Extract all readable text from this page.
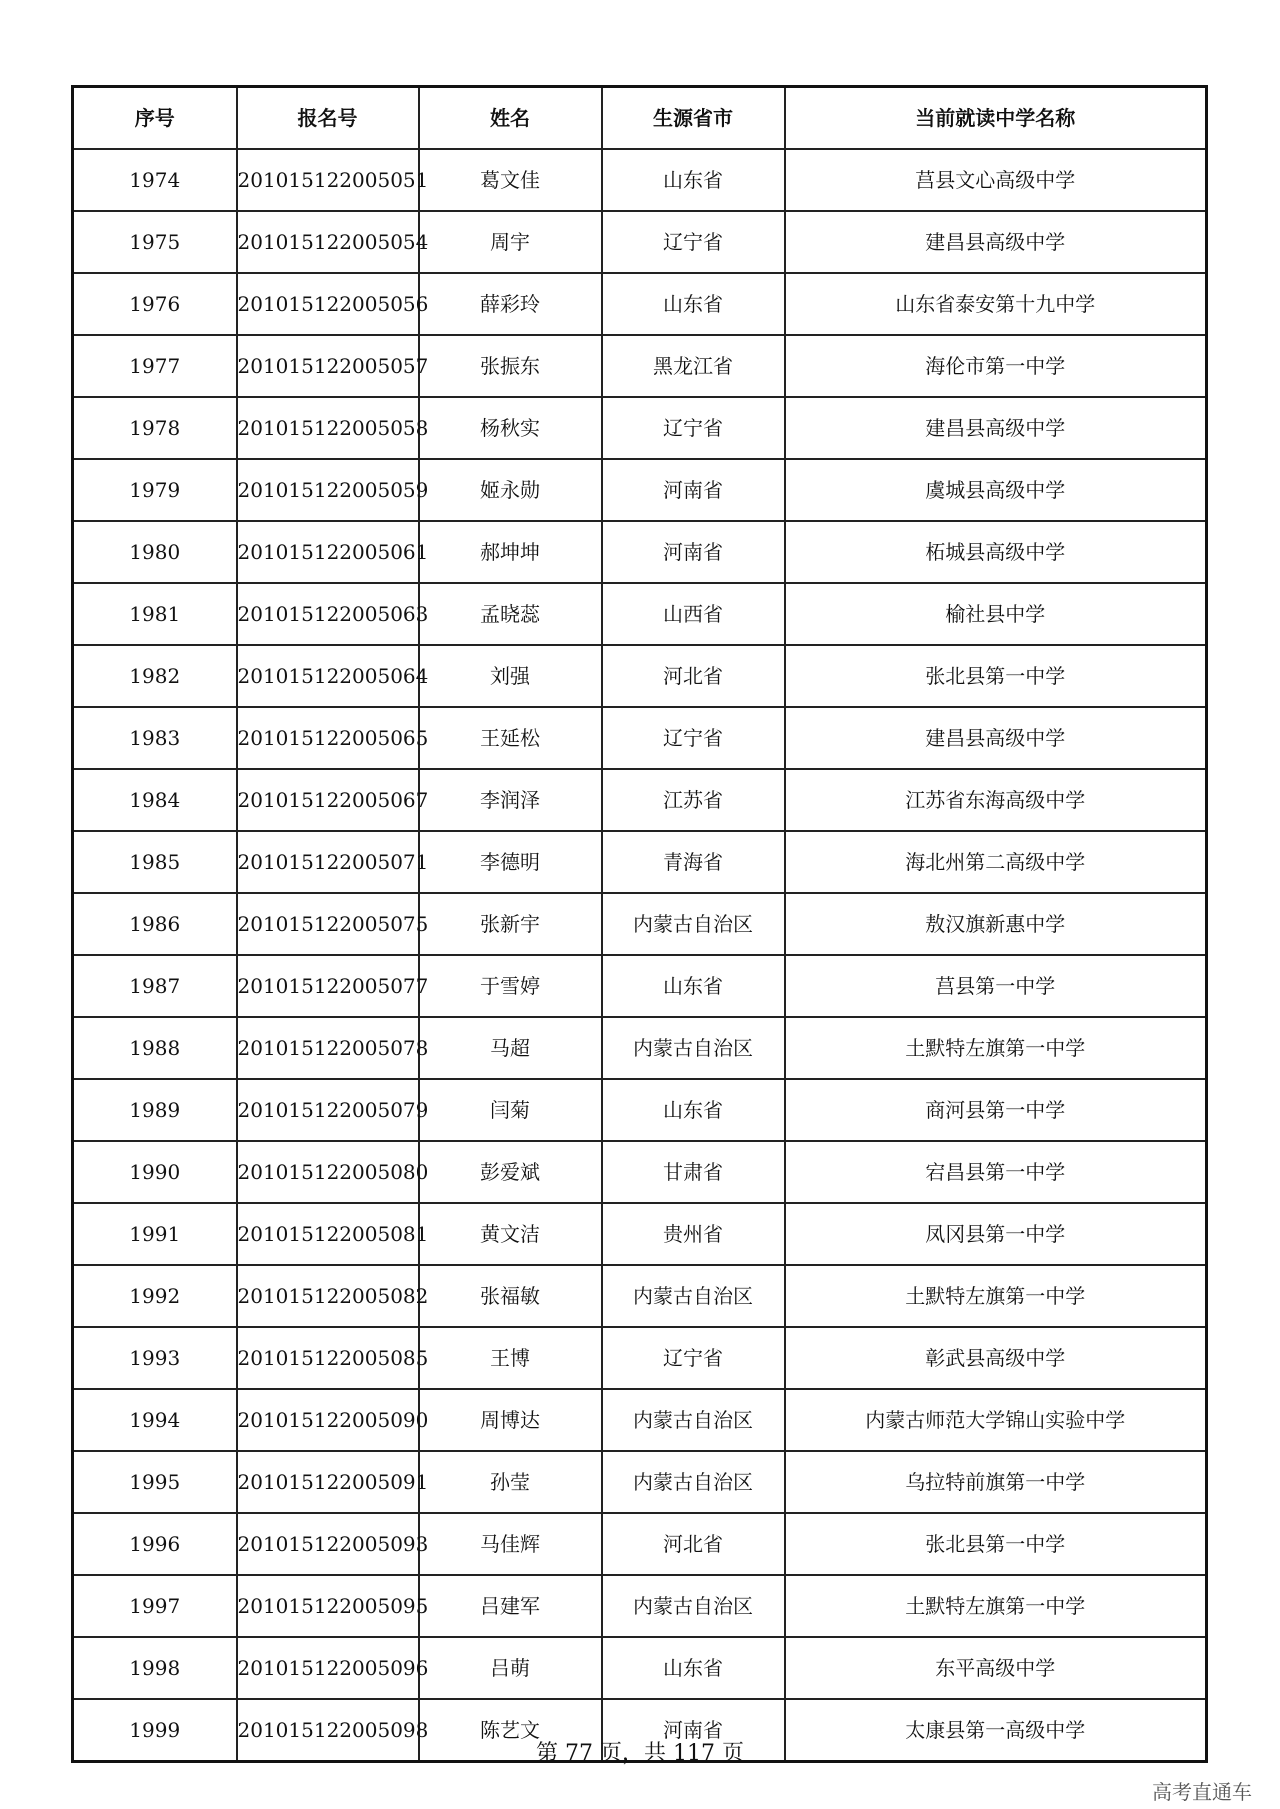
序号	报名号	姓名	生源省市	当前就读中学名称
1974	201015122005051	葛文佳	山东省	莒县文心高级中学
1975	201015122005054	周宇	辽宁省	建昌县高级中学
1976	201015122005056	薛彩玲	山东省	山东省泰安第十九中学
1977	201015122005057	张振东	黑龙江省	海伦市第一中学
1978	201015122005058	杨秋实	辽宁省	建昌县高级中学
1979	201015122005059	姬永勋	河南省	虞城县高级中学
1980	201015122005061	郝坤坤	河南省	柘城县高级中学
1981	201015122005063	孟晓蕊	山西省	榆社县中学
1982	201015122005064	刘强	河北省	张北县第一中学
1983	201015122005065	王延松	辽宁省	建昌县高级中学
1984	201015122005067	李润泽	江苏省	江苏省东海高级中学
1985	201015122005071	李德明	青海省	海北州第二高级中学
1986	201015122005075	张新宇	内蒙古自治区	敖汉旗新惠中学
1987	201015122005077	于雪婷	山东省	莒县第一中学
1988	201015122005078	马超	内蒙古自治区	土默特左旗第一中学
1989	201015122005079	闫菊	山东省	商河县第一中学
1990	201015122005080	彭爱斌	甘肃省	宕昌县第一中学
1991	201015122005081	黄文洁	贵州省	凤冈县第一中学
1992	201015122005082	张福敏	内蒙古自治区	土默特左旗第一中学
1993	201015122005085	王博	辽宁省	彰武县高级中学
1994	201015122005090	周博达	内蒙古自治区	内蒙古师范大学锦山实验中学
1995	201015122005091	孙莹	内蒙古自治区	乌拉特前旗第一中学
1996	201015122005093	马佳辉	河北省	张北县第一中学
1997	201015122005095	吕建军	内蒙古自治区	土默特左旗第一中学
1998	201015122005096	吕萌	山东省	东平高级中学
1999	201015122005098	陈艺文	河南省	太康县第一高级中学
第 77 页，共 117 页
高考直通车
